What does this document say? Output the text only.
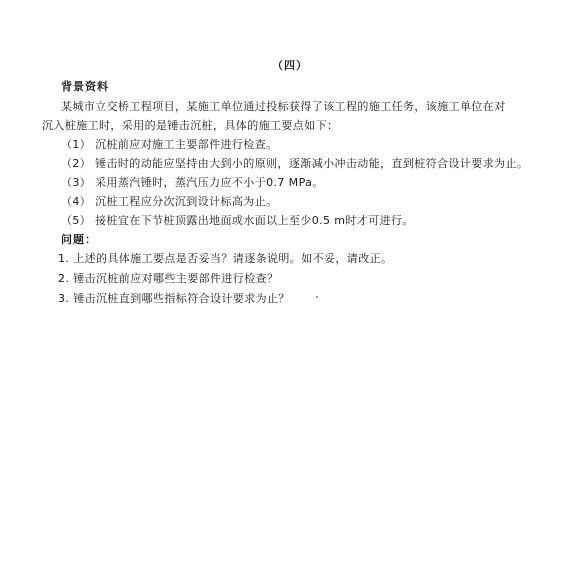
（四）
背景资料
某城市立交桥工程项目，某施工单位通过投标获得了该工程的施工任务，该施工单位在对
沉入桩施工时，采用的是锤击沉桩，具体的施工要点如下：
（1） 沉桩前应对施工主要部件进行检查。
（2） 锤击时的动能应坚持由大到小的原则，逐渐减小冲击动能，直到桩符合设计要求为止。
（3） 采用蒸汽锤时，蒸汽压力应不小于0.7 MPa。
（4） 沉桩工程应分次沉到设计标高为止。
（5） 接桩宜在下节桩顶露出地面或水面以上至少0.5 m时才可进行。
问题：
1. 上述的具体施工要点是否妥当？请逐条说明。如不妥，请改正。
2. 锤击沉桩前应对哪些主要部件进行检查？
3. 锤击沉桩直到哪些指标符合设计要求为止？
